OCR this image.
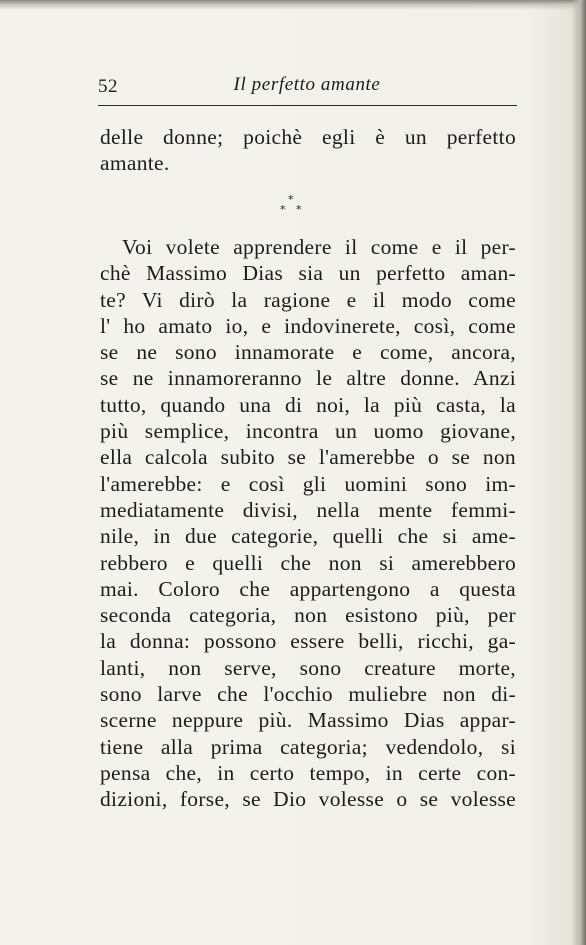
52	Il perfetto amante
delle donne; poichè egli è un perfetto
amante.
*
* *
Voi volete apprendere il come e il per-
chè Massimo Dias sia un perfetto aman-
te? Vi dirò la ragione e il modo come
l' ho amato io, e indovinerete, così, come
se ne sono innamorate e come, ancora,
se ne innamoreranno le altre donne. Anzi
tutto, quando una di noi, la più casta, la
più semplice, incontra un uomo giovane,
ella calcola subito se l'amerebbe o se non
l'amerebbe: e così gli uomini sono im-
mediatamente divisi, nella mente femmi-
nile, in due categorie, quelli che si ame-
rebbero e quelli che non si amerebbero
mai. Coloro che appartengono a questa
seconda categoria, non esistono più, per
la donna: possono essere belli, ricchi, ga-
lanti, non serve, sono creature morte,
sono larve che l'occhio muliebre non di-
scerne neppure più. Massimo Dias appar-
tiene alla prima categoria; vedendolo, si
pensa che, in certo tempo, in certe con-
dizioni, forse, se Dio volesse o se volesse
